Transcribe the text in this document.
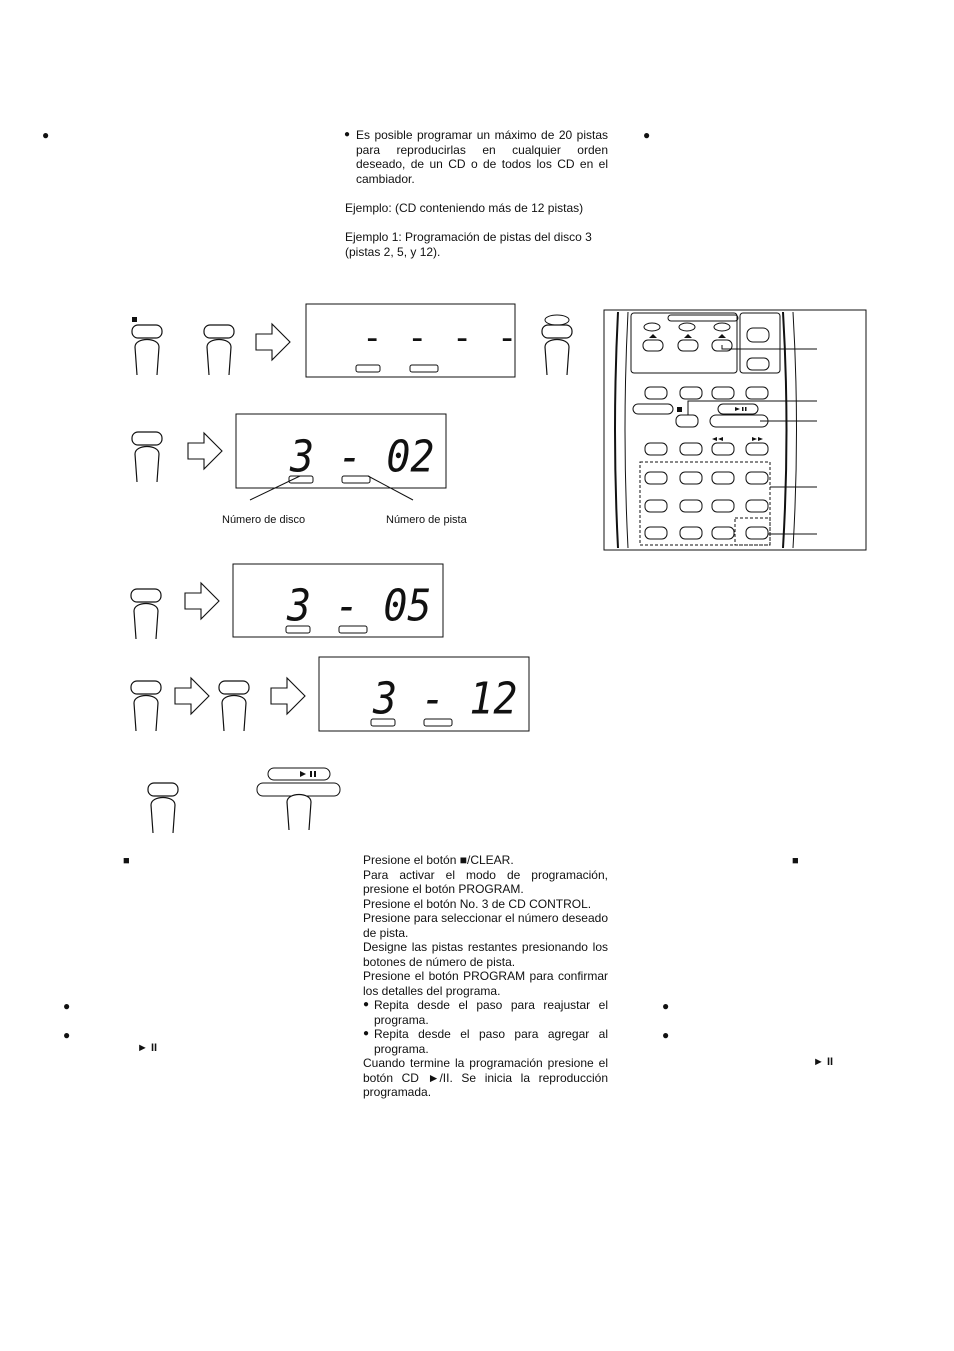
●	●
● Es posible programar un máximo de 20 pistas para reproducirlas en cualquier orden deseado, de un CD o de todos los CD en el cambiador.
Ejemplo: (CD conteniendo más de 12 pistas)
Ejemplo 1: Programación de pistas del disco 3 (pistas 2, 5, y 12).
- - - -
3 - 02
3 - 05
3 - 12
Número de disco	Número de pista
■	■
●
●
► II
●
●
► II
Presione el botón ■/CLEAR.
Para activar el modo de programación, presione el botón PROGRAM.
Presione el botón No. 3 de CD CONTROL.
Presione para seleccionar el número deseado de pista.
Designe las pistas restantes presionando los botones de número de pista.
Presione el botón PROGRAM para confirmar los detalles del programa.
● Repita desde el paso para reajustar el programa.
● Repita desde el paso para agregar al programa.
Cuando termine la programación presione el botón CD ►/II. Se inicia la reproducción programada.
